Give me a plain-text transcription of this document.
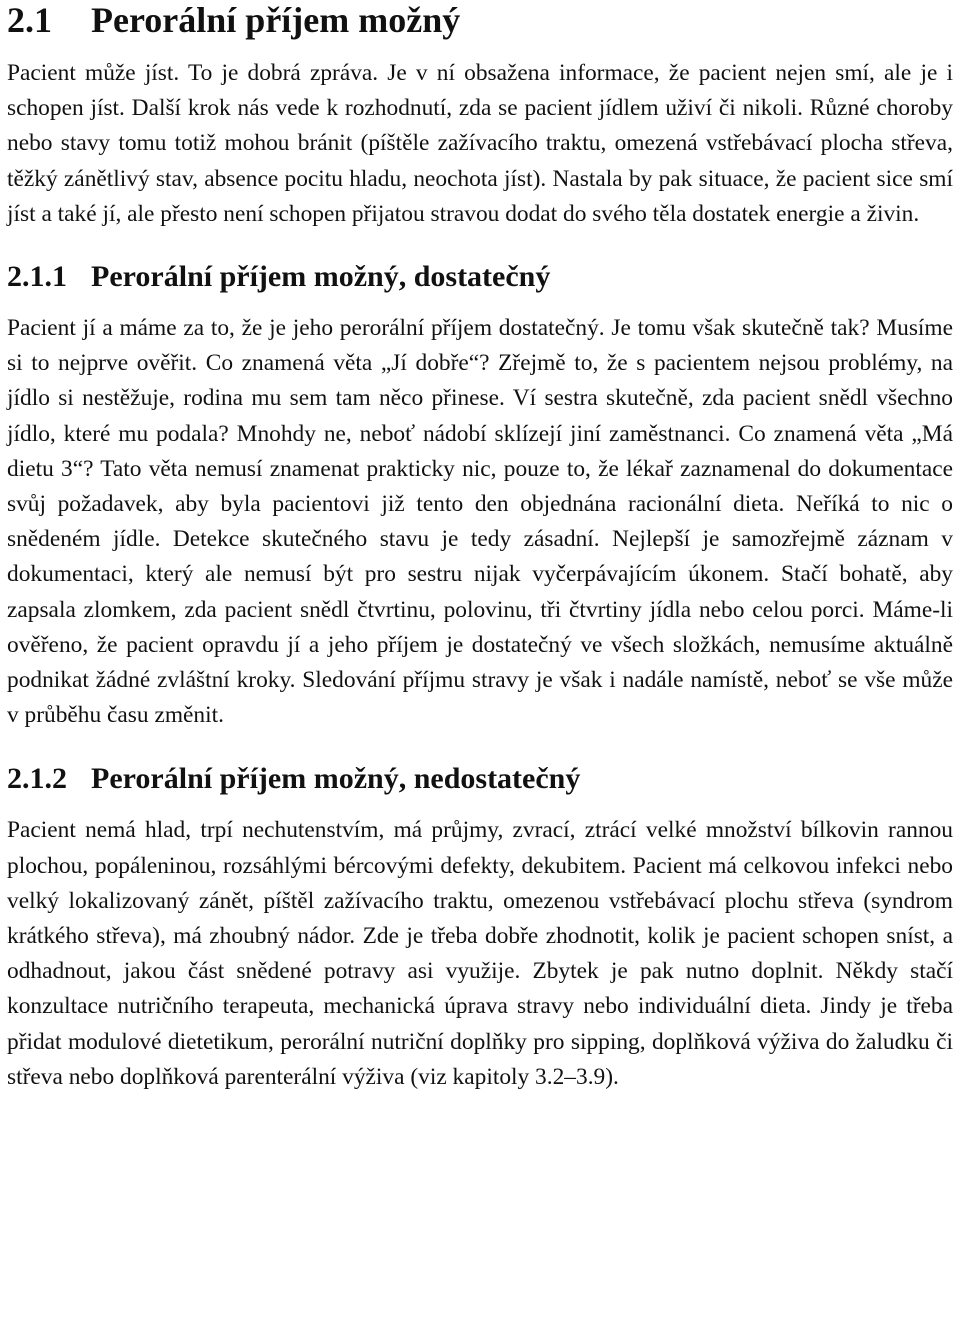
2.1 Perorální příjem možný

Pacient může jíst. To je dobrá zpráva. Je v ní obsažena informace, že pacient nejen smí, ale je i schopen jíst. Další krok nás vede k rozhodnutí, zda se pacient jídlem uživí či nikoli. Různé choroby nebo stavy tomu totiž mohou bránit (píštěle zažívacího traktu, omezená vstřebávací plocha střeva, těžký zánětlivý stav, absence pocitu hladu, neochota jíst). Nastala by pak situace, že pacient sice smí jíst a také jí, ale přesto není schopen přijatou stravou dodat do svého těla dostatek energie a živin.

2.1.1 Perorální příjem možný, dostatečný

Pacient jí a máme za to, že je jeho perorální příjem dostatečný. Je tomu však skutečně tak? Musíme si to nejprve ověřit. Co znamená věta „Jí dobře“? Zřejmě to, že s pacientem nejsou problémy, na jídlo si nestěžuje, rodina mu sem tam něco přinese. Ví sestra skutečně, zda pacient snědl všechno jídlo, které mu podala? Mnohdy ne, neboť nádobí sklízejí jiní zaměstnanci. Co znamená věta „Má dietu 3“? Tato věta nemusí znamenat prakticky nic, pouze to, že lékař zaznamenal do dokumentace svůj požadavek, aby byla pacientovi již tento den objednána racionální dieta. Neříká to nic o snědeném jídle. Detekce skutečného stavu je tedy zásadní. Nejlepší je samozřejmě záznam v dokumentaci, který ale nemusí být pro sestru nijak vyčerpávajícím úkonem. Stačí bohatě, aby zapsala zlomkem, zda pacient snědl čtvrtinu, polovinu, tři čtvrtiny jídla nebo celou porci. Máme-li ověřeno, že pacient opravdu jí a jeho příjem je dostatečný ve všech složkách, nemusíme aktuálně podnikat žádné zvláštní kroky. Sledování příjmu stravy je však i nadále namístě, neboť se vše může v průběhu času změnit.

2.1.2 Perorální příjem možný, nedostatečný

Pacient nemá hlad, trpí nechutenstvím, má průjmy, zvrací, ztrácí velké množství bílkovin rannou plochou, popáleninou, rozsáhlými bércovými defekty, dekubitem. Pacient má celkovou infekci nebo velký lokalizovaný zánět, píštěl zažívacího traktu, omezenou vstřebávací plochu střeva (syndrom krátkého střeva), má zhoubný nádor. Zde je třeba dobře zhodnotit, kolik je pacient schopen sníst, a odhadnout, jakou část snědené potravy asi využije. Zbytek je pak nutno doplnit. Někdy stačí konzultace nutričního terapeuta, mechanická úprava stravy nebo individuální dieta. Jindy je třeba přidat modulové dietetikum, perorální nutriční doplňky pro sipping, doplňková výživa do žaludku či střeva nebo doplňková parenterální výživa (viz kapitoly 3.2–3.9).
